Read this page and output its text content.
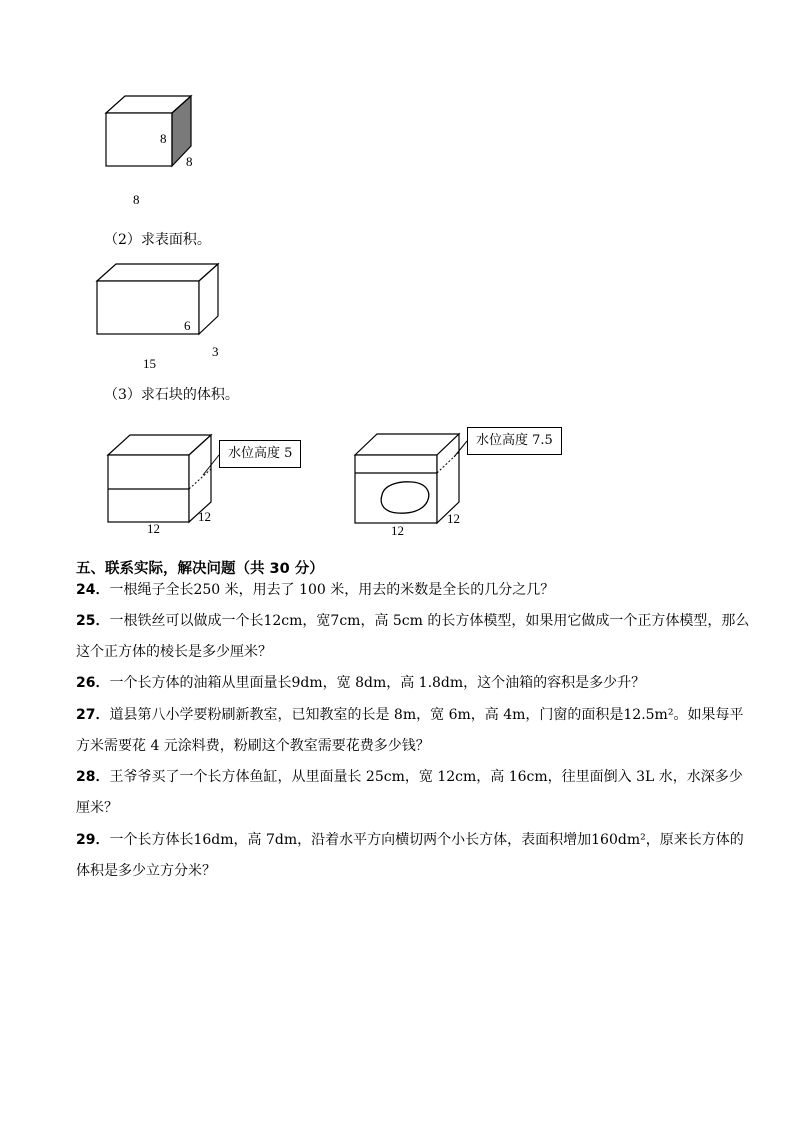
8
8
8
（2）求表面积。
6
15
3
（3）求石块的体积。
水位高度 5
12
12
水位高度 7.5
12
12
五、联系实际，解决问题（共 30 分）
24．一根绳子全长250 米，用去了 100 米，用去的米数是全长的几分之几？
25．一根铁丝可以做成一个长12cm，宽7cm，高 5cm 的长方体模型，如果用它做成一个正方体模型，那么这个正方体的棱长是多少厘米？
26．一个长方体的油箱从里面量长9dm，宽 8dm，高 1.8dm，这个油箱的容积是多少升？
27．道县第八小学要粉刷新教室，已知教室的长是 8m，宽 6m，高 4m，门窗的面积是12.5m²。如果每平方米需要花 4 元涂料费，粉刷这个教室需要花费多少钱？
28．王爷爷买了一个长方体鱼缸，从里面量长 25cm，宽 12cm，高 16cm，往里面倒入 3L 水，水深多少厘米？
29．一个长方体长16dm，高 7dm，沿着水平方向横切两个小长方体，表面积增加160dm²，原来长方体的体积是多少立方分米？
